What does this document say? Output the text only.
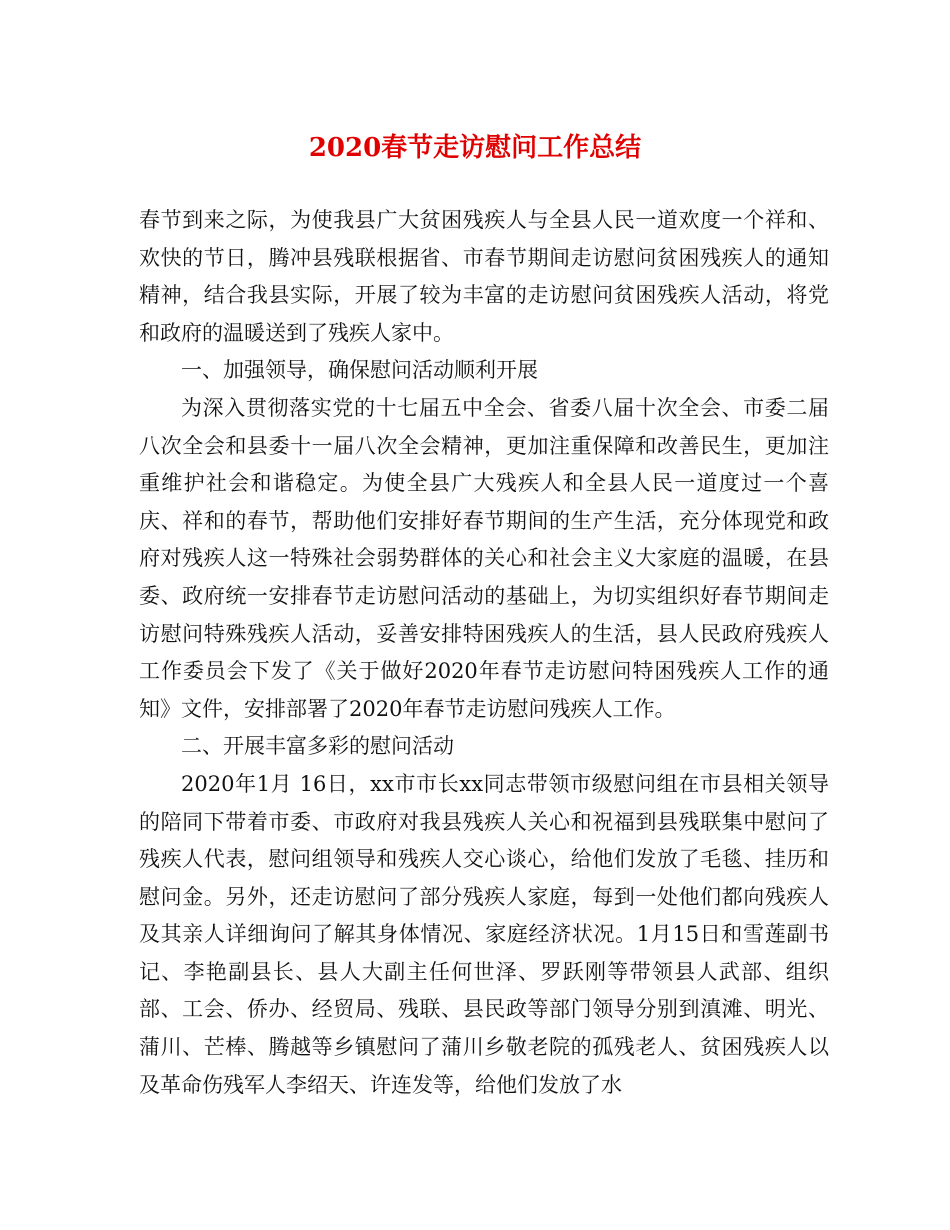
2020春节走访慰问工作总结

春节到来之际，为使我县广大贫困残疾人与全县人民一道欢度一个祥和、欢快的节日，腾冲县残联根据省、市春节期间走访慰问贫困残疾人的通知精神，结合我县实际，开展了较为丰富的走访慰问贫困残疾人活动，将党和政府的温暖送到了残疾人家中。

一、加强领导，确保慰问活动顺利开展

为深入贯彻落实党的十七届五中全会、省委八届十次全会、市委二届八次全会和县委十一届八次全会精神，更加注重保障和改善民生，更加注重维护社会和谐稳定。为使全县广大残疾人和全县人民一道度过一个喜庆、祥和的春节，帮助他们安排好春节期间的生产生活，充分体现党和政府对残疾人这一特殊社会弱势群体的关心和社会主义大家庭的温暖，在县委、政府统一安排春节走访慰问活动的基础上，为切实组织好春节期间走访慰问特殊残疾人活动，妥善安排特困残疾人的生活，县人民政府残疾人工作委员会下发了《关于做好2020年春节走访慰问特困残疾人工作的通知》文件，安排部署了2020年春节走访慰问残疾人工作。

二、开展丰富多彩的慰问活动

2020年1月 16日，xx市市长xx同志带领市级慰问组在市县相关领导的陪同下带着市委、市政府对我县残疾人关心和祝福到县残联集中慰问了残疾人代表，慰问组领导和残疾人交心谈心，给他们发放了毛毯、挂历和慰问金。另外，还走访慰问了部分残疾人家庭，每到一处他们都向残疾人及其亲人详细询问了解其身体情况、家庭经济状况。1月15日和雪莲副书记、李艳副县长、县人大副主任何世泽、罗跃刚等带领县人武部、组织部、工会、侨办、经贸局、残联、县民政等部门领导分别到滇滩、明光、蒲川、芒棒、腾越等乡镇慰问了蒲川乡敬老院的孤残老人、贫困残疾人以及革命伤残军人李绍天、许连发等，给他们发放了水
